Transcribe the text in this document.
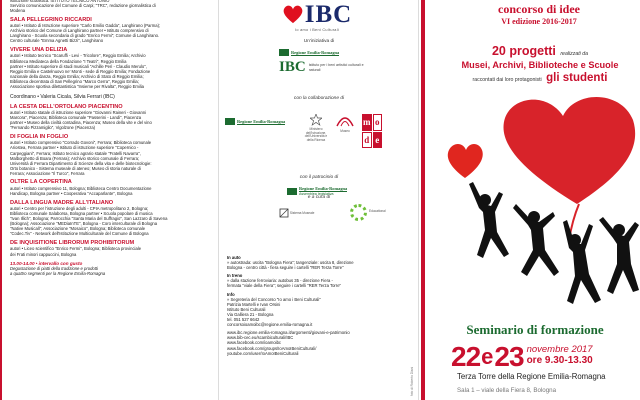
istituzione scolastica: ISTITUTO TECNICO ANTONIO
Servizio comunicazione del Comune di Carpi; "TRC", redazione giornalistica di
Modena
SALA PELLEGRINO RICCARDI
autori • Istituto di Istruzione superiore "Carlo Emilio Gadda", Langhirano (Parma);
Archivio storico del Comune di Langhirano partner • Istituto comprensivo di
Langhirano - Scuola secondaria di grado "Enrico Fermi"; Comune di Langhirano.
Centro culturale "Emma Agnetti Bizzi", Langhirano
VIVERE UNA DELIZIA
autori • Istituto tecnico "Scaruffi - Levi - Tricolore", Reggio Emilia; Archivio
Biblioteca Mediateca della Fondazione "I Teatri", Reggio Emilia
partner • Istituto superiore di studi musicali "Achille Peri - Claudio Merulo",
Reggio Emilia e Castelnuovo ne' Monti - sede di Reggio Emilia; Fondazione
nazionale della danza, Reggio Emilia; Archivio di Stato di Reggio Emilia;
Biblioteca decentrata di San Pellegrino "Marco Gerra", Reggio Emilia;
Associazione sportiva dilettantistica "Insieme per Rivalta", Reggio Emilia
Coordinano • Valeria Cicala, Silvia Ferrari (IBC)
LA CESTA DELL'ORTOLANO PIACENTINO
autori • Istituto statale di istruzione superiore "Giovanni Raineri - Giovanni
Marcora", Piacenza; Biblioteca comunale "Passerini - Landi", Piacenza
partner • Museo della civiltà contadina, Piacenza; Museo della vite e del vino
"Fernando Pizzamiglio", Vigolzone (Piacenza)
DI FOGLIA IN FOGLIO
autori • Istituto comprensivo "Corrado Govoni", Ferrara; Biblioteca comunale
Ariostea, Ferrara partner • Istituto di istruzione superiore "Copernico -
Carpeggiani", Ferrara; Istituto tecnico agrario statale "Fratelli Navarra",
Malborghetto di Boara (Ferrara); Archivio storico comunale di Ferrara;
Università di Ferrara Dipartimento di Scienze della vita e delle biotecnologie:
Orto botanico - Sistema museale di ateneo; Museo di storia naturale di
Ferrara; Associazione "Il Turco", Ferrara
OLTRE LA COPERTINA
autori • Istituto comprensivo 11, Bologna; Biblioteca Centro Documentazione
Handicap, Bologna partner • Cooperativa "Accaparlante", Bologna
DALLA LINGUA MADRE ALL'ITALIANO
autori • Centro per l'istruzione degli adulti - CPIA metropolitano 2, Bologna;
Biblioteca comunale Salaborsa, Bologna partner • Scuola popolare di musica
"Ivan Illich", Bologna; Parrocchia "Santa Maria del Suffragio", San Lazzaro di Savena
(Bologna); Associazione "MEDiaInTE", Bologna - Coro interculturale di Bologna
"Native Musicali"; Associazione "Mosaico", Bologna; Biblioteca comunale
"Codec.Tiv" - Network dell'Istituzione Multiculturale del Comune di Bologna
DE INQUISITIONE LIBRORUM PROHIBITORUM
autori • Liceo scientifico "Enrico Fermi", Bologna; Biblioteca provinciale
dei Frati minori cappuccini, Bologna
13.00-14.00 • intervallo con gusto
Degustazione di piatti della tradizione e prodotti
a quattro segmenti per la Regione Emilia-Romagna
IBC
Io amo i Beni Culturali
Un'iniziativa di
Regione Emilia-Romagna
IBC Istituto per i beni artistici culturali e naturali
con la collaborazione di
Regione Emilia-Romagna
Ministero dell'Istruzione, dell'Università e della Ricerca
Museo
m o
d e
con il patrocinio di
Regione Emilia-Romagna
Assemblea legislativa
e a cura di
Sistema Museale	Educational
In auto
» autostrada: uscita "Bologna Fiera"; tangenziale: uscita 8, direzione
Bologna - centro città - fiera seguire i cartelli "RER Terza Torre"
In treno
» dalla stazione ferroviaria: autobus 35 - direzione Fiera -
fermata "viale della Fiera"; seguire i cartelli "RER Terza Torre"
Info
» Segreteria del Concorso "Io amo i Beni Culturali"
Patrizia Martelli e Ivan Orsini
Istituto Beni Culturali
Via Galliera 21 - Bologna
tel. 051 527 6642
concorsoioamoibc@regione.emilia-romagna.it
www.ibc.regione.emilia-romagna.it/argomenti/giovani-e-patrimonio
www.bib-cec.eu/scambiculturali/IBC
www.facebook.com/ioamoibc
www.facebook.com/groups/IoAmoIBeniCulturali/
youtube.com/user/IoAmoIBeniCulturali
foto di Roberto Diani
concorso di idee
VI edizione 2016-2017
20 progetti realizzati da
Musei, Archivi, Biblioteche e Scuole
raccontati dai loro protagonisti gli studenti
Seminario di formazione
22 e 23 novembre 2017
ore 9.30-13.30
Terza Torre della Regione Emilia-Romagna
Sala 1 – viale della Fiera 8, Bologna
